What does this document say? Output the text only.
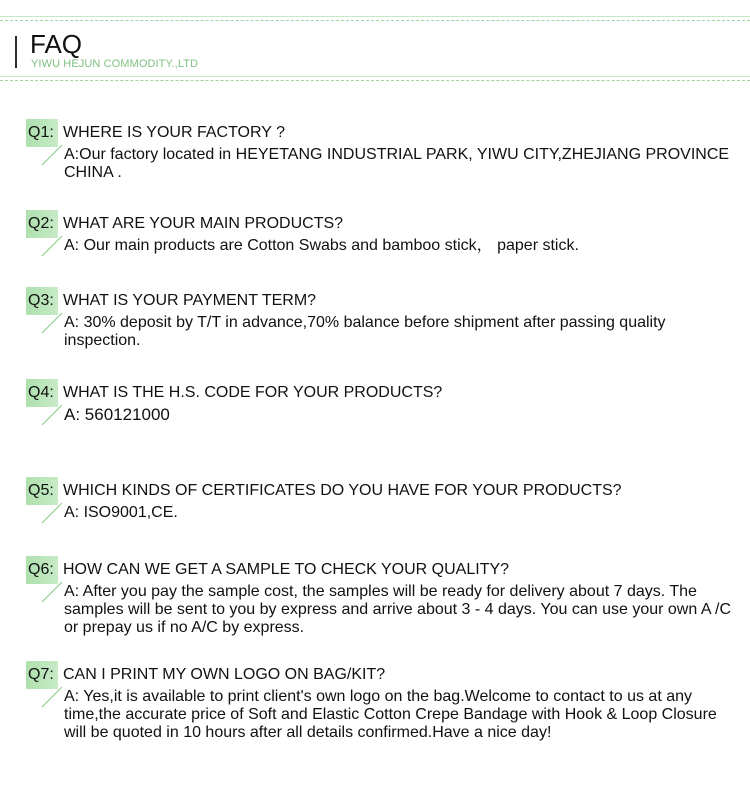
FAQ
YIWU HEJUN COMMODITY.,LTD
Q1: WHERE IS YOUR FACTORY ?
A:Our factory located in HEYETANG INDUSTRIAL PARK, YIWU CITY,ZHEJIANG PROVINCE CHINA .
Q2: WHAT ARE YOUR MAIN PRODUCTS?
A: Our main products are Cotton Swabs and bamboo stick， paper stick.
Q3: WHAT IS YOUR PAYMENT TERM?
A: 30% deposit by T/T in advance,70% balance before shipment after passing quality inspection.
Q4: WHAT IS THE H.S. CODE FOR YOUR PRODUCTS?
A: 560121000
Q5: WHICH KINDS OF CERTIFICATES DO YOU HAVE FOR YOUR PRODUCTS?
A: ISO9001,CE.
Q6: HOW CAN WE GET A SAMPLE TO CHECK YOUR QUALITY?
A: After you pay the sample cost, the samples will be ready for delivery about 7 days. The samples will be sent to you by express and arrive about 3 - 4 days. You can use your own A /C or prepay us if no A/C by express.
Q7: CAN I PRINT MY OWN LOGO ON BAG/KIT?
A: Yes,it is available to print client's own logo on the bag.Welcome to contact to us at any time,the accurate price of Soft and Elastic Cotton Crepe Bandage with Hook & Loop Closure will be quoted in 10 hours after all details confirmed.Have a nice day!
